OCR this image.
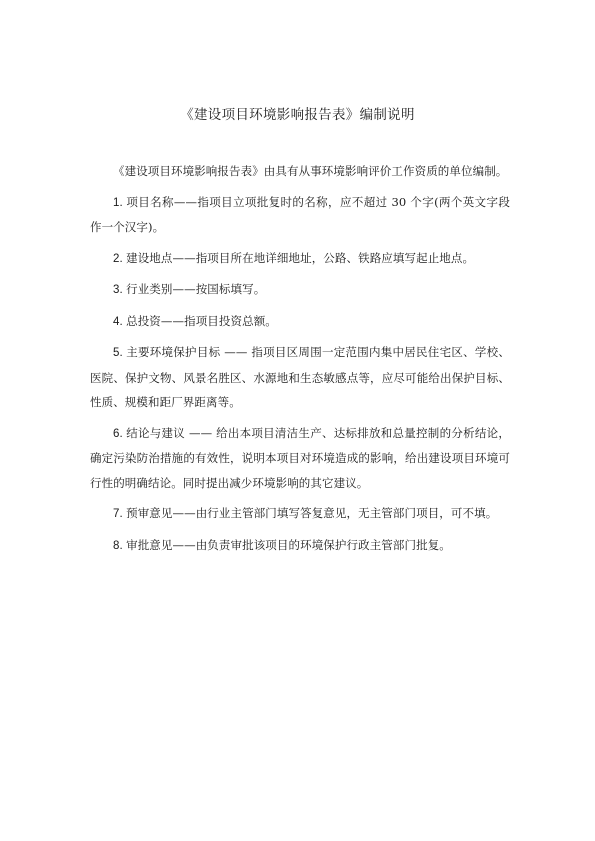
《建设项目环境影响报告表》编制说明

《建设项目环境影响报告表》由具有从事环境影响评价工作资质的单位编制。

1. 项目名称——指项目立项批复时的名称，应不超过 30 个字(两个英文字段作一个汉字)。

2. 建设地点——指项目所在地详细地址，公路、铁路应填写起止地点。

3. 行业类别——按国标填写。

4. 总投资——指项目投资总额。

5. 主要环境保护目标 —— 指项目区周围一定范围内集中居民住宅区、学校、医院、保护文物、风景名胜区、水源地和生态敏感点等，应尽可能给出保护目标、性质、规模和距厂界距离等。

6. 结论与建议 —— 给出本项目清洁生产、达标排放和总量控制的分析结论，确定污染防治措施的有效性，说明本项目对环境造成的影响，给出建设项目环境可行性的明确结论。同时提出减少环境影响的其它建议。

7. 预审意见——由行业主管部门填写答复意见，无主管部门项目，可不填。

8. 审批意见——由负责审批该项目的环境保护行政主管部门批复。
